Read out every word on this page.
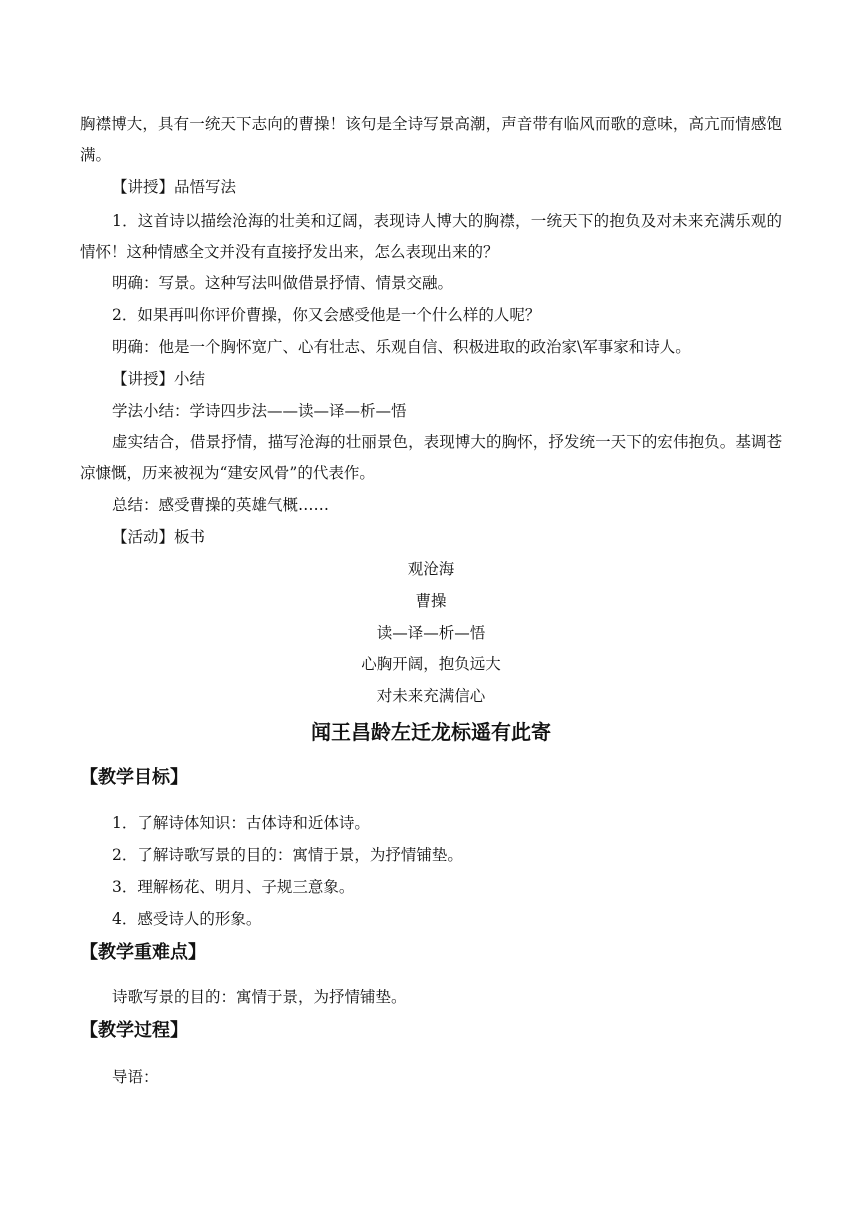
胸襟博大，具有一统天下志向的曹操！该句是全诗写景高潮，声音带有临风而歌的意味，高亢而情感饱满。

【讲授】品悟写法

1．这首诗以描绘沧海的壮美和辽阔，表现诗人博大的胸襟，一统天下的抱负及对未来充满乐观的情怀！这种情感全文并没有直接抒发出来，怎么表现出来的？

明确：写景。这种写法叫做借景抒情、情景交融。

2．如果再叫你评价曹操，你又会感受他是一个什么样的人呢？

明确：他是一个胸怀宽广、心有壮志、乐观自信、积极进取的政治家\军事家和诗人。

【讲授】小结

学法小结：学诗四步法——读—译—析—悟

虚实结合，借景抒情，描写沧海的壮丽景色，表现博大的胸怀，抒发统一天下的宏伟抱负。基调苍凉慷慨，历来被视为“建安风骨”的代表作。

总结：感受曹操的英雄气概……

【活动】板书

观沧海

曹操

读—译—析—悟

心胸开阔，抱负远大

对未来充满信心

闻王昌龄左迁龙标遥有此寄
【教学目标】

1．了解诗体知识：古体诗和近体诗。

2．了解诗歌写景的目的：寓情于景，为抒情铺垫。

3．理解杨花、明月、子规三意象。

4．感受诗人的形象。

【教学重难点】

诗歌写景的目的：寓情于景，为抒情铺垫。

【教学过程】

导语：
